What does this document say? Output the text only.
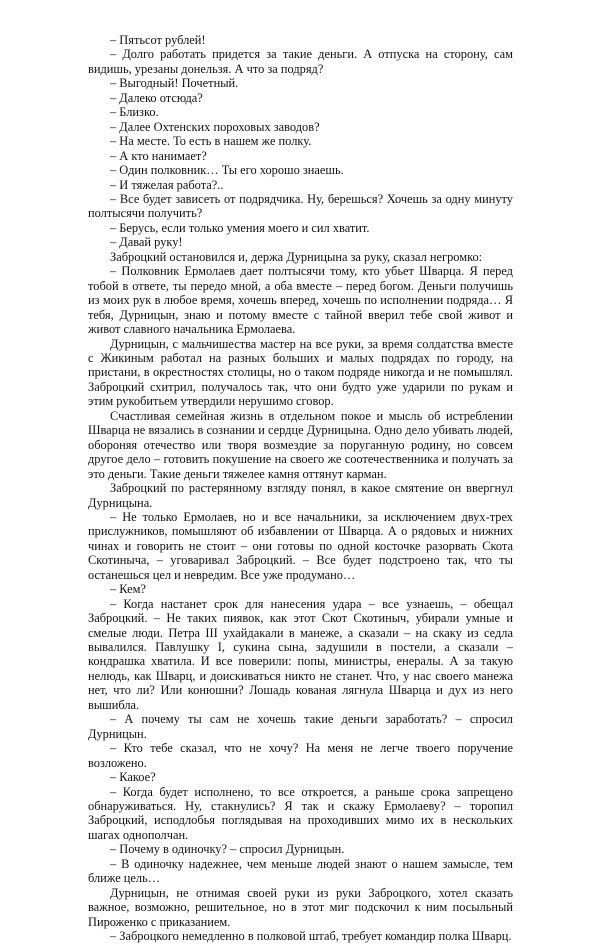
– Пятьсот рублей!

– Долго работать придется за такие деньги. А отпуска на сторону, сам видишь, урезаны донельзя. А что за подряд?

– Выгодный! Почетный.

– Далеко отсюда?

– Близко.

– Далее Охтенских пороховых заводов?

– На месте. То есть в нашем же полку.

– А кто нанимает?

– Один полковник… Ты его хорошо знаешь.

– И тяжелая работа?..

– Все будет зависеть от подрядчика. Ну, берешься? Хочешь за одну минуту полтысячи получить?

– Берусь, если только умения моего и сил хватит.

– Давай руку!

Заброцкий остановился и, держа Дурницына за руку, сказал негромко:

– Полковник Ермолаев дает полтысячи тому, кто убьет Шварца. Я перед тобой в ответе, ты передо мной, а оба вместе – перед богом. Деньги получишь из моих рук в любое время, хочешь вперед, хочешь по исполнении подряда… Я тебя, Дурницын, знаю и потому вместе с тайной вверил тебе свой живот и живот славного начальника Ермолаева.

Дурницын, с мальчишества мастер на все руки, за время солдатства вместе с Жикиным работал на разных больших и малых подрядах по городу, на пристани, в окрестностях столицы, но о таком подряде никогда и не помышлял. Заброцкий схитрил, получалось так, что они будто уже ударили по рукам и этим рукобитьем утвердили нерушимо сговор.

Счастливая семейная жизнь в отдельном покое и мысль об истреблении Шварца не вязались в сознании и сердце Дурницына. Одно дело убивать людей, обороняя отечество или творя возмездие за поруганную родину, но совсем другое дело – готовить покушение на своего же соотечественника и получать за это деньги. Такие деньги тяжелее камня оттянут карман.

Заброцкий по растерянному взгляду понял, в какое смятение он ввергнул Дурницына.

– Не только Ермолаев, но и все начальники, за исключением двух-трех прислужников, помышляют об избавлении от Шварца. А о рядовых и нижних чинах и говорить не стоит – они готовы по одной косточке разорвать Скота Скотиныча, – уговаривал Заброцкий. – Все будет подстроено так, что ты останешься цел и невредим. Все уже продумано…

– Кем?

– Когда настанет срок для нанесения удара – все узнаешь, – обещал Заброцкий. – Не таких пиявок, как этот Скот Скотиныч, убирали умные и смелые люди. Петра III ухайдакали в манеже, а сказали – на скаку из седла вывалился. Павлушку I, сукина сына, задушили в постели, а сказали – кондрашка хватила. И все поверили: попы, министры, енералы. А за такую нелюдь, как Шварц, и доискиваться никто не станет. Что, у нас своего манежа нет, что ли? Или конюшни? Лошадь кованая лягнула Шварца и дух из него вышибла.

– А почему ты сам не хочешь такие деньги заработать? – спросил Дурницын.

– Кто тебе сказал, что не хочу? На меня не легче твоего поручение возложено.

– Какое?

– Когда будет исполнено, то все откроется, а раньше срока запрещено обнаруживаться. Ну, стакнулись? Я так и скажу Ермолаеву? – торопил Заброцкий, исподлобья поглядывая на проходивших мимо их в нескольких шагах однополчан.

– Почему в одиночку? – спросил Дурницын.

– В одиночку надежнее, чем меньше людей знают о нашем замысле, тем ближе цель…

Дурницын, не отнимая своей руки из руки Заброцкого, хотел сказать важное, возможно, решительное, но в этот миг подскочил к ним посыльный Пироженко с приказанием.

– Заброцкого немедленно в полковой штаб, требует командир полка Шварц.
